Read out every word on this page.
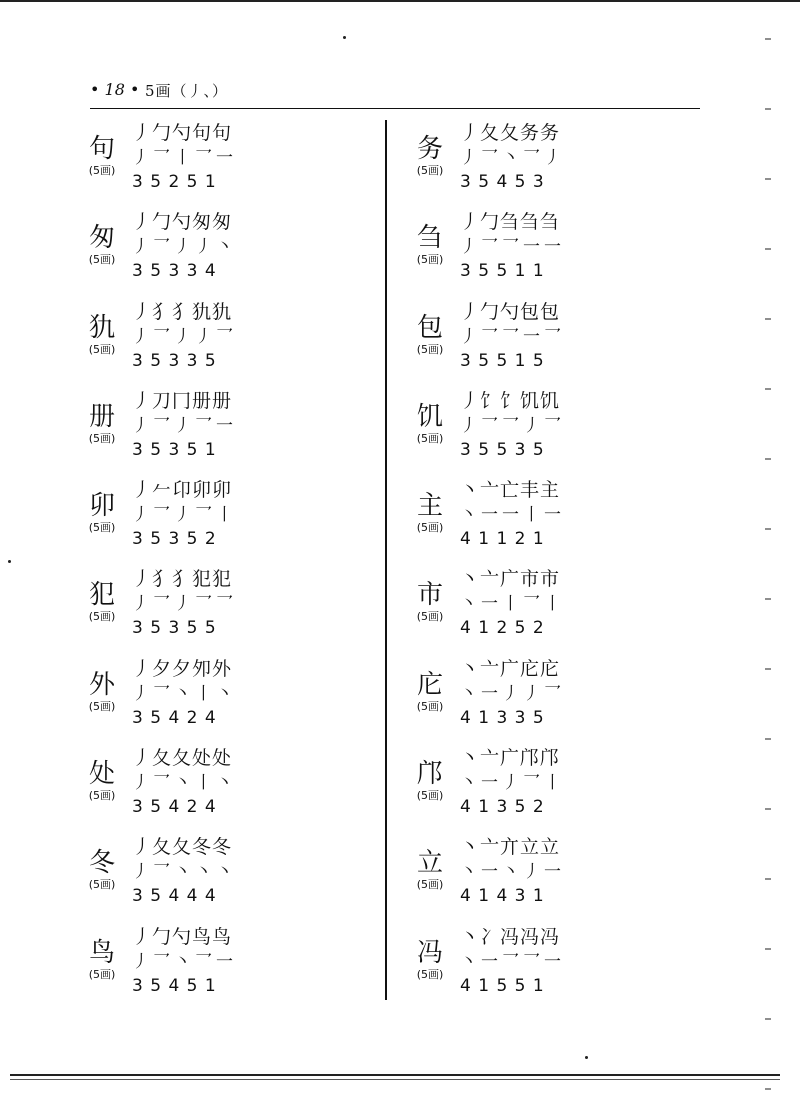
• 18 • 5画（丿、）
句
(5画)
丿勹勺句句
丿乛丨乛一
3 5 2 5 1
匆
(5画)
丿勹勺匆匆
丿乛丿丿丶
3 5 3 3 4
犰
(5画)
丿犭犭犰犰
丿乛丿丿乛
3 5 3 3 5
册
(5画)
丿刀冂册册
丿乛丿乛一
3 5 3 5 1
卯
(5画)
丿𠂉卬卯卯
丿乛丿乛丨
3 5 3 5 2
犯
(5画)
丿犭犭犯犯
丿乛丿乛乛
3 5 3 5 5
外
(5画)
丿夕夕夘外
丿乛丶丨丶
3 5 4 2 4
处
(5画)
丿夂夂处处
丿乛丶丨丶
3 5 4 2 4
冬
(5画)
丿夂夂冬冬
丿乛丶丶丶
3 5 4 4 4
鸟
(5画)
丿勹勺鸟鸟
丿乛丶乛一
3 5 4 5 1
务
(5画)
丿夂夂务务
丿乛丶乛丿
3 5 4 5 3
刍
(5画)
丿勹刍刍刍
丿乛乛一一
3 5 5 1 1
包
(5画)
丿勹勺包包
丿乛乛一乛
3 5 5 1 5
饥
(5画)
丿饣饣饥饥
丿乛乛丿乛
3 5 5 3 5
主
(5画)
丶亠亡丰主
丶一一丨一
4 1 1 2 1
市
(5画)
丶亠广市市
丶一丨乛丨
4 1 2 5 2
庀
(5画)
丶亠广庀庀
丶一丿丿乛
4 1 3 3 5
邝
(5画)
丶亠广邝邝
丶一丿乛丨
4 1 3 5 2
立
(5画)
丶亠亣立立
丶一丶丿一
4 1 4 3 1
冯
(5画)
丶冫冯冯冯
丶一乛乛一
4 1 5 5 1
